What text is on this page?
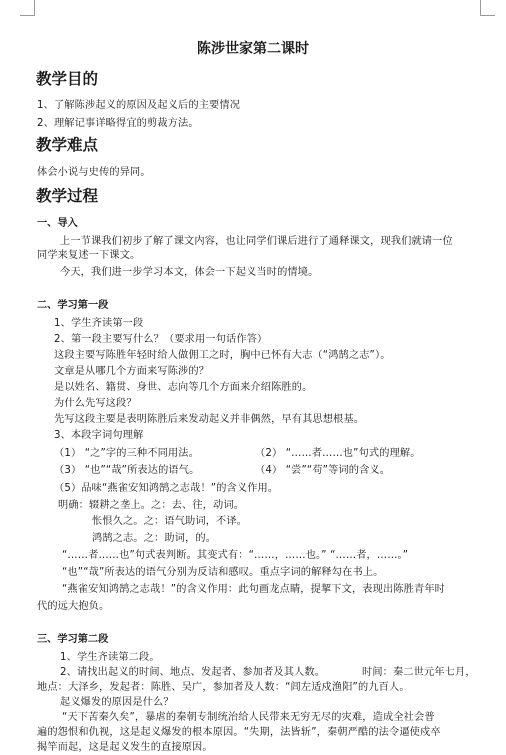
陈涉世家第二课时
教学目的
1、了解陈涉起义的原因及起义后的主要情况
2、理解记事详略得宜的剪裁方法。
教学难点
体会小说与史传的异同。
教学过程
一、导入
上一节课我们初步了解了课文内容，也让同学们课后进行了通释课文，现我们就请一位
同学来复述一下课文。
今天，我们进一步学习本文，体会一下起义当时的情境。
二、学习第一段
1、学生齐读第一段
2、第一段主要写什么？（要求用一句话作答）
这段主要写陈胜年轻时给人做佣工之时，胸中已怀有大志（“鸿鹄之志”）。
文章是从哪几个方面来写陈涉的？
是以姓名、籍贯、身世、志向等几个方面来介绍陈胜的。
为什么先写这段？
先写这段主要是表明陈胜后来发动起义并非偶然，早有其思想根基。
3、本段字词句理解
（1） “之”字的三种不同用法。	（2） “……者……也”句式的理解。
（3） “也”“哉”所表达的语气。	（4） “尝”“苟”等词的含义。
（5）品味“燕雀安知鸿鹄之志哉！”的含义作用。
明确：辍耕之垄上。之：去、往，动词。
怅恨久之。之：语气助词，不译。
鸿鹄之志。之：助词，的。
“……者……也”句式表判断。其变式有：“……，……也。” “……者，……。”
“也”“哉”所表达的语气分别为反诘和感叹。重点字词的解释勾在书上。
“燕雀安知鸿鹄之志哉！”的含义作用：此句画龙点睛，提挈下文，表现出陈胜青年时
代的远大抱负。
三、学习第二段
1、学生齐读第二段。
2、请找出起义的时间、地点、发起者、参加者及其人数。	时间：秦二世元年七月，
地点：大泽乡，发起者：陈胜、吴广，参加者及人数：“闾左适戍渔阳”的九百人。
起义爆发的原因是什么？
“天下苦秦久矣”，暴虐的秦朝专制统治给人民带来无穷无尽的灾难，造成全社会普
遍的怨恨和仇视，这是起义爆发的根本原因。“失期，法皆斩”，秦朝严酷的法令逼使戍卒
揭竿而起，这是起义发生的直接原因。
